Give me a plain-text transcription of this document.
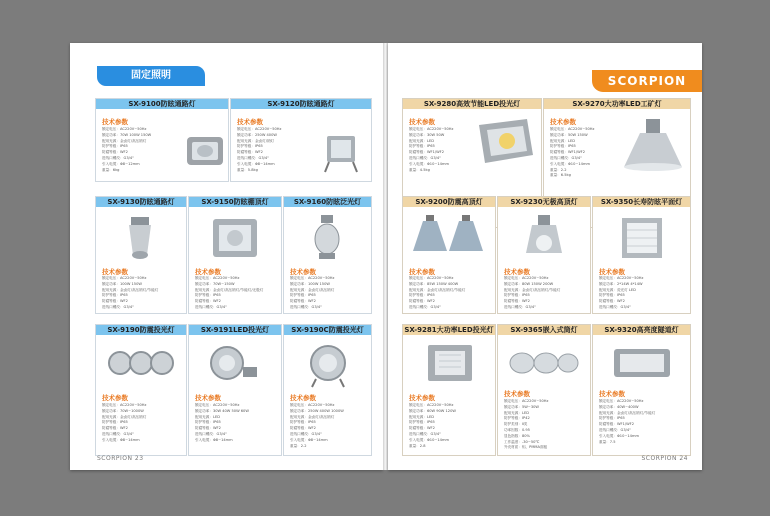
固定照明
SX-9100防眩通路灯
技术参数
额定电压：AC220V~50Hz
额定功率：70W 100W 150W
配用光源：金卤灯/高压钠灯
防护等级：IP65
防腐等级：WF2
进线口螺纹：G3/4"
引入电缆：Φ8~12mm
重量：6kg
SX-9120防眩通路灯
技术参数
额定电压：AC220V~50Hz
额定功率：250W 400W
配用光源：金卤灯/钠灯
防护等级：IP65
防腐等级：WF2
进线口螺纹：G3/4"
引入电缆：Φ8~14mm
重量：5.8kg
SX-9130防眩通路灯
技术参数
额定电压：AC220V~50Hz
额定功率：100W 150W
配用光源：金卤灯/高压钠灯/节能灯
防护等级：IP65
防腐等级：WF2
进线口螺纹：G3/4"
SX-9150防眩棚顶灯
技术参数
额定电压：AC220V~50Hz
额定功率：70W~150W
配用光源：金卤灯/高压钠灯/节能灯/无极灯
防护等级：IP65
防腐等级：WF2
进线口螺纹：G3/4"
SX-9160防眩泛光灯
技术参数
额定电压：AC220V~50Hz
额定功率：100W 150W
配用光源：金卤灯/高压钠灯
防护等级：IP65
防腐等级：WF2
进线口螺纹：G3/4"
SX-9190防震投光灯
技术参数
额定电压：AC220V~50Hz
额定功率：70W~1000W
配用光源：金卤灯/高压钠灯
防护等级：IP65
防腐等级：WF2
进线口螺纹：G3/4"
引入电缆：Φ8~14mm
SX-9191LED投光灯
技术参数
额定电压：AC220V~50Hz
额定功率：30W 40W 50W 60W
配用光源：LED
防护等级：IP65
防腐等级：WF2
进线口螺纹：G3/4"
引入电缆：Φ8~14mm
SX-9190C防震投光灯
技术参数
额定电压：AC220V~50Hz
额定功率：250W 400W 1000W
配用光源：金卤灯/高压钠灯
防护等级：IP65
防腐等级：WF2
进线口螺纹：G3/4"
引入电缆：Φ8~14mm
重量：2.2
SCORPION 23
SCORPION
SX-9280高效节能LED投光灯
技术参数
额定电压：AC220V~50Hz
额定功率：30W 50W
配用光源：LED
防护等级：IP65
防腐等级：WF1/WF2
进线口螺纹：G3/4"
引入电缆：Φ10~14mm
重量：4.5kg
SX-9270大功率LED工矿灯
技术参数
额定电压：AC220V~50Hz
额定功率：50W 150W
配用光源：LED
防护等级：IP65
防腐等级：WF1/WF2
进线口螺纹：G3/4"
引入电缆：Φ10~14mm
重量：2.2
重量：6.5kg
SX-9200防震高顶灯
技术参数
额定电压：AC220V~50Hz
额定功率：85W 150W 400W
配用光源：金卤灯/高压钠灯/节能灯
防护等级：IP65
防腐等级：WF2
进线口螺纹：G3/4"
SX-9230无极高顶灯
技术参数
额定电压：AC220V~50Hz
额定功率：80W 150W 200W
配用光源：金卤灯/高压钠灯/节能灯
防护等级：IP65
防腐等级：WF2
进线口螺纹：G3/4"
SX-9350长寿防眩平面灯
技术参数
额定电压：AC220V~50Hz
额定功率：2*14W 4*14W
配用光源：荧光灯 LED
防护等级：IP65
防腐等级：WF2
进线口螺纹：G3/4"
SX-9281大功率LED投光灯
技术参数
额定电压：AC220V~50Hz
额定功率：60W 90W 120W
配用光源：LED
防护等级：IP65
防腐等级：WF2
进线口螺纹：G3/4"
引入电缆：Φ10~14mm
重量：2.8
SX-9365嵌入式筒灯
技术参数
额定电压：AC220V~50Hz
额定功率：5W~30W
配用光源：LED
防护等级：IP42
防护类别：Ⅱ类
功率因数：0.95
显色指数：80%
工作温度：-30~50℃
外壳材质：铝、PMMA面板
SX-9320高亮度隧道灯
技术参数
额定电压：AC220V~50Hz
额定功率：40W~400W
配用光源：金卤灯/高压钠灯/节能灯
防护等级：IP65
防腐等级：WF1/WF2
进线口螺纹：G3/4"
引入电缆：Φ10~14mm
重量：7.5
SCORPION 24
